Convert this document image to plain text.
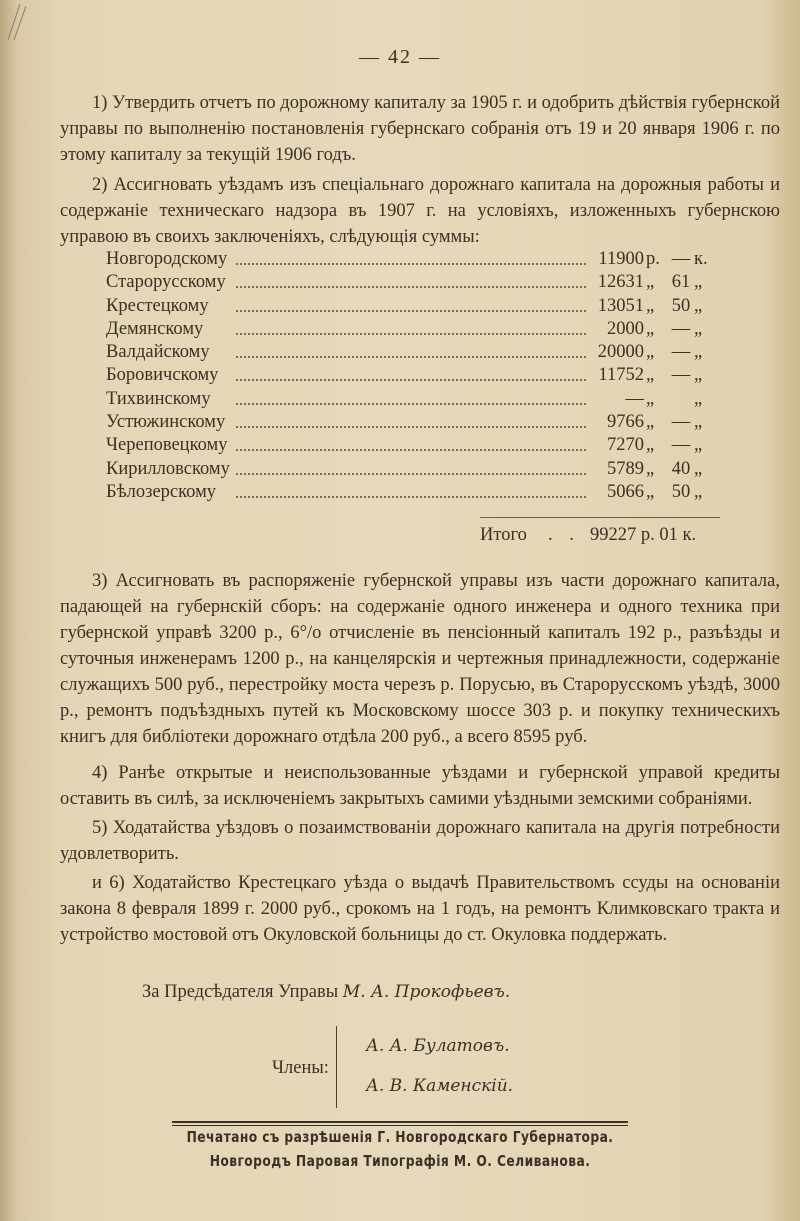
— 42 —

1) Утвердить отчетъ по дорожному капиталу за 1905 г. и одобрить дѣйствія губернской управы по выполненію постановленія губернскаго собранія отъ 19 и 20 января 1906 г. по этому капиталу за текущій 1906 годъ.

2) Ассигновать уѣздамъ изъ спеціальнаго дорожнаго капитала на дорожныя работы и содержаніе техническаго надзора въ 1907 г. на условіяхъ, изложенныхъ губернскою управою въ своихъ заключеніяхъ, слѣдующія суммы:

Новгородскому	11900 р. — к.
Старорусскому	12631 „ 61 „
Крестецкому	13051 „ 50 „
Демянскому	2000 „ — „
Валдайскому	20000 „ — „
Боровичскому	11752 „ — „
Тихвинскому	— „	„
Устюжинскому	9766 „ — „
Череповецкому	7270 „ — „
Кирилловскому	5789 „ 40 „
Бѣлозерскому	5066 „ 50 „
Итого . . 99227 р. 01 к.

3) Ассигновать въ распоряженіе губернской управы изъ части дорожнаго капитала, падающей на губернскій сборъ: на содержаніе одного инженера и одного техника при губернской управѣ 3200 р., 6°/о отчисленіе въ пенсіонный капиталъ 192 р., разъѣзды и суточныя инженерамъ 1200 р., на канцелярскія и чертежныя принадлежности, содержаніе служащихъ 500 руб., перестройку моста черезъ р. Порусью, въ Старорусскомъ уѣздѣ, 3000 р., ремонтъ подъѣздныхъ путей къ Московскому шоссе 303 р. и покупку техническихъ книгъ для библіотеки дорожнаго отдѣла 200 руб., а всего 8595 руб.

4) Ранѣе открытые и неиспользованные уѣздами и губернской управой кредиты оставить въ силѣ, за исключеніемъ закрытыхъ самими уѣздными земскими собраніями.

5) Ходатайства уѣздовъ о позаимствованіи дорожнаго капитала на другія потребности удовлетворить.

и 6) Ходатайство Крестецкаго уѣзда о выдачѣ Правительствомъ ссуды на основаніи закона 8 февраля 1899 г. 2000 руб., срокомъ на 1 годъ, на ремонтъ Климковскаго тракта и устройство мостовой отъ Окуловской больницы до ст. Окуловка поддержать.

За Предсѣдателя Управы М. А. Прокофьевъ.
Члены:
А. А. Булатовъ.
А. В. Каменскій.
Печатано съ разрѣшенія Г. Новгородскаго Губернатора.
Новгородъ Паровая Типографія М. О. Селиванова.
